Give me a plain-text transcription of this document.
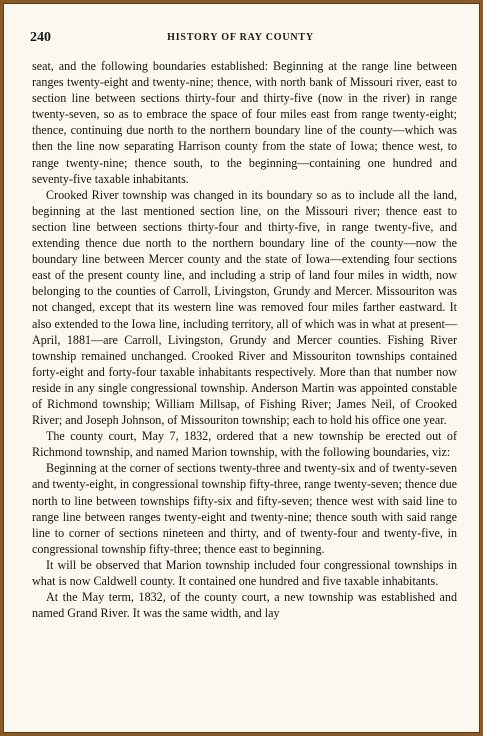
240	HISTORY OF RAY COUNTY

seat, and the following boundaries established: Beginning at the range line between ranges twenty-eight and twenty-nine; thence, with north bank of Missouri river, east to section line between sections thirty-four and thirty-five (now in the river) in range twenty-seven, so as to embrace the space of four miles east from range twenty-eight; thence, continuing due north to the northern boundary line of the county—which was then the line now separating Harrison county from the state of Iowa; thence west, to range twenty-nine; thence south, to the beginning—containing one hundred and seventy-five taxable inhabitants.

Crooked River township was changed in its boundary so as to include all the land, beginning at the last mentioned section line, on the Missouri river; thence east to section line between sections thirty-four and thirty-five, in range twenty-five, and extending thence due north to the northern boundary line of the county—now the boundary line between Mercer county and the state of Iowa—extending four sections east of the present county line, and including a strip of land four miles in width, now belonging to the counties of Carroll, Livingston, Grundy and Mercer. Missouriton was not changed, except that its western line was removed four miles farther eastward. It also extended to the Iowa line, including territory, all of which was in what at present—April, 1881—are Carroll, Livingston, Grundy and Mercer counties. Fishing River township remained unchanged. Crooked River and Missouriton townships contained forty-eight and forty-four taxable inhabitants respectively. More than that number now reside in any single congressional township. Anderson Martin was appointed constable of Richmond township; William Millsap, of Fishing River; James Neil, of Crooked River; and Joseph Johnson, of Missouriton township; each to hold his office one year.

The county court, May 7, 1832, ordered that a new township be erected out of Richmond township, and named Marion township, with the following boundaries, viz:

Beginning at the corner of sections twenty-three and twenty-six and of twenty-seven and twenty-eight, in congressional township fifty-three, range twenty-seven; thence due north to line between townships fifty-six and fifty-seven; thence west with said line to range line between ranges twenty-eight and twenty-nine; thence south with said range line to corner of sections nineteen and thirty, and of twenty-four and twenty-five, in congressional township fifty-three; thence east to beginning.

It will be observed that Marion township included four congressional townships in what is now Caldwell county. It contained one hundred and five taxable inhabitants.

At the May term, 1832, of the county court, a new township was established and named Grand River. It was the same width, and lay
